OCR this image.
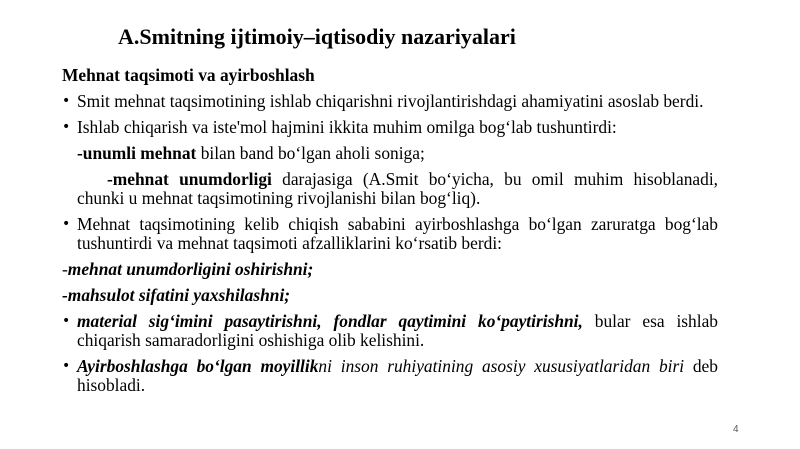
A.Smitning ijtimoiy–iqtisodiy nazariyalari
Mehnat taqsimoti va ayirboshlash
• Smit mehnat taqsimotining ishlab chiqarishni rivojlantirishdagi ahamiyatini asoslab berdi.
• Ishlab chiqarish va iste'mol hajmini ikkita muhim omilga bog‘lab tushuntirdi:
-unumli mehnat bilan band bo‘lgan aholi soniga;
-mehnat unumdorligi darajasiga (A.Smit bo‘yicha, bu omil muhim hisoblanadi, chunki u mehnat taqsimotining rivojlanishi bilan bog‘liq).
• Mehnat taqsimotining kelib chiqish sababini ayirboshlashga bo‘lgan zaruratga bog‘lab tushuntirdi va mehnat taqsimoti afzalliklarini ko‘rsatib berdi:
-mehnat unumdorligini oshirishni;
-mahsulot sifatini yaxshilashni;
• material sig‘imini pasaytirishni, fondlar qaytimini ko‘paytirishni, bular esa ishlab chiqarish samaradorligini oshishiga olib kelishini.
• Ayirboshlashga bo‘lgan moyillikni inson ruhiyatining asosiy xususiyatlaridan biri deb hisobladi.
4
